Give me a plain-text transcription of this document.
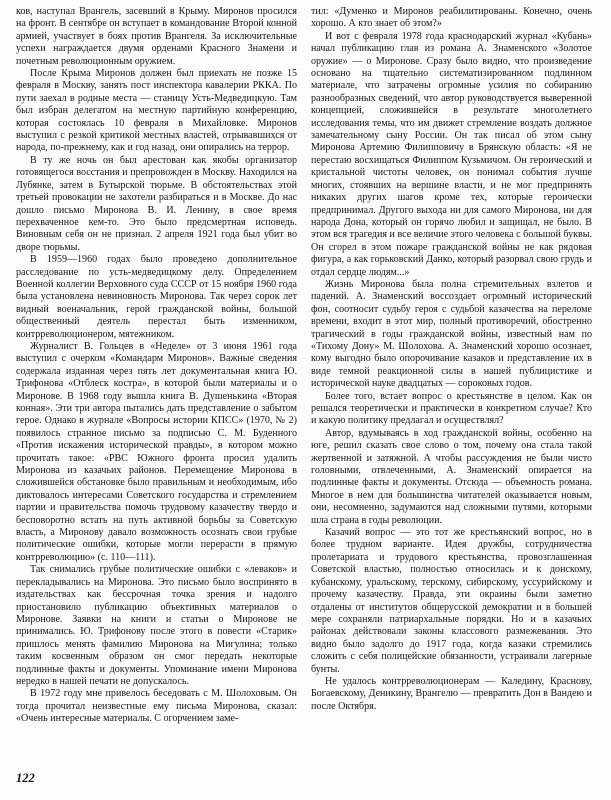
ков, наступал Врангель, засевший в Крыму. Миронов просился на фронт. В сентябре он вступает в командование Второй конной армией, участвует в боях против Врангеля. За исключительные успехи награждается двумя орденами Красного Знамени и почетным революционным оружием.

После Крыма Миронов должен был приехать не позже 15 февраля в Москву, занять пост инспектора кавалерии РККА. По пути заехал в родные места — станицу Усть-Медведицкую. Там был избран делегатом на местную партийную конференцию, которая состоялась 10 февраля в Михайловке. Миронов выступил с резкой критикой местных властей, отрывавшихся от народа, по-прежнему, как и год назад, они опирались на террор.

В ту же ночь он был арестован как якобы организатор готовящегося восстания и препровожден в Москву. Находился на Лубянке, затем в Бутырской тюрьме. В обстоятельствах этой третьей провокации не захотели разбираться и в Москве. До нас дошло письмо Миронова В. И. Ленину, в свое время перехваченное кем-то. Это было предсмертная исповедь. Виновным себя он не признал. 2 апреля 1921 года был убит во дворе тюрьмы.

В 1959—1960 годах было проведено дополнительное расследование по усть-медведицкому делу. Определением Военной коллегии Верховного суда СССР от 15 ноября 1960 года была установлена невиновность Миронова. Так через сорок лет видный военачальник, герой гражданской войны, большой общественный деятель перестал быть изменником, контрреволюционером, мятежником.

Журналист В. Гольцев в «Неделе» от 3 июня 1961 года выступил с очерком «Командарм Миронов». Важные сведения содержала изданная через пять лет документальная книга Ю. Трифонова «Отблеск костра», в которой были материалы и о Миронове. В 1968 году вышла книга В. Душенькина «Вторая конная». Эти три автора пытались дать представление о забытом герое. Однако в журнале «Вопросы истории КПСС» (1970, № 2) появилось странное письмо за подписью С. М. Буденного «Против искажения исторической правды», в котором можно прочитать такое: «РВС Южного фронта просил удалить Миронова из казачьих районов. Перемещение Миронова в сложившейся обстановке было правильным и необходимым, ибо диктовалось интересами Советского государства и стремлением партии и правительства помочь трудовому казачеству твердо и бесповоротно встать на путь активной борьбы за Советскую власть, а Миронову давало возможность осознать свои грубые политические ошибки, которые могли перерасти в прямую контрреволюцию» (с. 110—111).

Так снимались грубые политические ошибки с «леваков» и перекладывались на Миронова. Это письмо было воспринято в издательствах как бессрочная точка зрения и надолго приостановило публикацию объективных материалов о Миронове. Заявки на книги и статьи о Миронове не принимались. Ю. Трифонову после этого в повести «Старик» пришлось менять фамилию Миронова на Мигулина; только таким косвенным образом он смог передать некоторые подлинные факты и документы. Упоминание имени Миронова нередко в нашей печати не допускалось.

В 1972 году мне привелось беседовать с М. Шолоховым. Он тогда прочитал неизвестные ему письма Миронова, сказал: «Очень интересные материалы. С огорчением заме-

тил: «Думенко и Миронов реабилитированы. Конечно, очень хорошо. А кто знает об этом?»

И вот с февраля 1978 года краснодарский журнал «Кубань» начал публикацию глав из романа А. Знаменского «Золотое оружие» — о Миронове. Сразу было видно, что произведение основано на тщательно систематизированном подлинном материале, что затрачены огромные усилия по собиранию разнообразных сведений, что автор руководствуется выверенной концепцией, сложившейся в результате многолетнего исследования темы, что им движет стремление воздать должное замечательному сыну России. Он так писал об этом сыну Миронова Артемию Филипповичу в Брянскую область: «Я не перестаю восхищаться Филиппом Кузьмичом. Он героический и кристальной чистоты человек, он понимал события лучше многих, стоявших на вершине власти, и не мог предпринять никаких других шагов кроме тех, которые героически предпринимал. Другого выхода ни для самого Миронова, ни для народа Дона, который он горячо любил и защищал, не было. В этом вся трагедия и все величие этого человека с большой буквы. Он сгорел в этом пожаре гражданской войны не как рядовая фигура, а как горьковский Данко, который разорвал свою грудь и отдал сердце людям...»

Жизнь Миронова была полна стремительных взлетов и падений. А. Знаменский воссоздает огромный исторический фон, соотносит судьбу героя с судьбой казачества на переломе времени, входит в этот мир, полный противоречий, обостренно трагический в годы гражданской войны, известный нам по «Тихому Дону» М. Шолохова. А. Знаменский хорошо осознает, кому выгодно было опорочивание казаков и представление их в виде темной реакционной силы в нашей публицистике и исторической науке двадцатых — сороковых годов.

Более того, встает вопрос о крестьянстве в целом. Как он решался теоретически и практически в конкретном случае? Кто и какую политику предлагал и осуществлял?

Автор, вдумываясь в ход гражданской войны, особенно на юге, решил сказать свое слово о том, почему она стала такой жертвенной и затяжной. А чтобы рассуждения не были чисто головными, отвлеченными, А. Знаменский опирается на подлинные факты и документы. Отсюда — объемность романа. Многое в нем для большинства читателей оказывается новым, они, несомненно, задумаются над сложными путями, которыми шла страна в годы революции.

Казачий вопрос — это тот же крестьянский вопрос, но в более трудном варианте. Идея дружбы, сотрудничества пролетариата и трудового крестьянства, провозглашенная Советской властью, полностью относилась и к донскому, кубанскому, уральскому, терскому, сибирскому, уссурийскому и прочему казачеству. Правда, эти окраины были заметно отдалены от институтов общерусской демократии и в большей мере сохраняли патриархальные порядки. Но и в казачьих районах действовали законы классового размежевания. Это видно было задолго до 1917 года, когда казаки стремились сложить с себя полицейские обязанности, устраивали лагерные бунты.

Не удалось контрреволюционерам — Каледину, Краснову, Богаевскому, Деникину, Врангелю — превратить Дон в Вандею и после Октября.

122
